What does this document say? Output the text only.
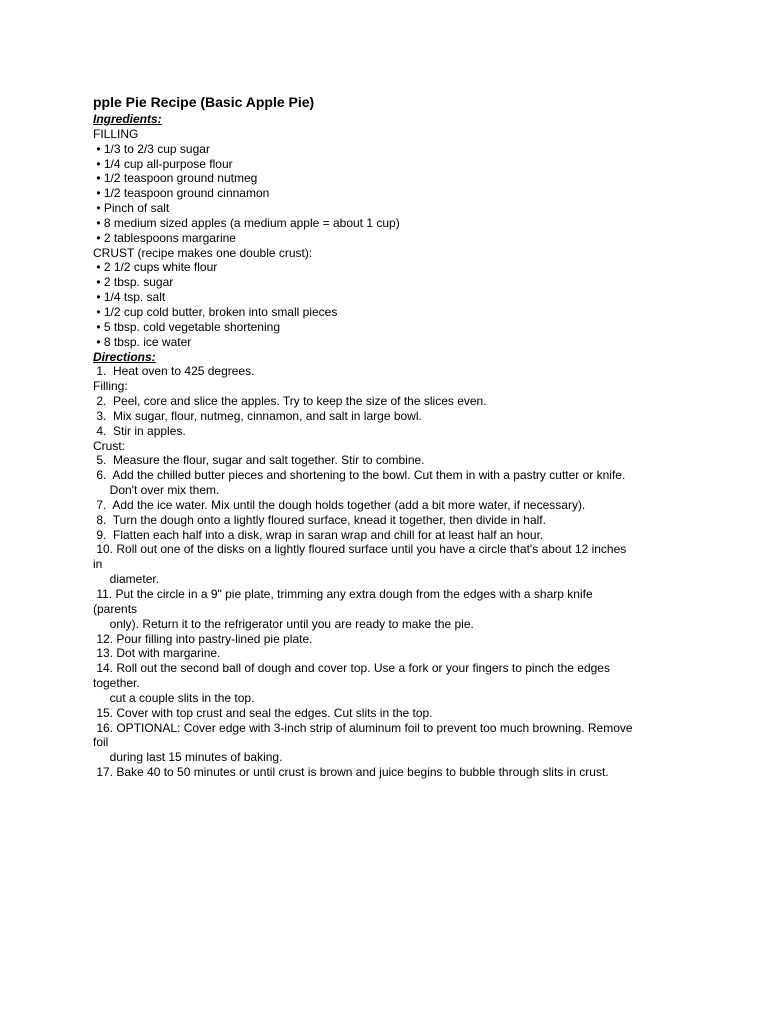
pple Pie Recipe (Basic Apple Pie)
Ingredients:
FILLING
• 1/3 to 2/3 cup sugar
• 1/4 cup all-purpose flour
• 1/2 teaspoon ground nutmeg
• 1/2 teaspoon ground cinnamon
• Pinch of salt
• 8 medium sized apples (a medium apple = about 1 cup)
• 2 tablespoons margarine
CRUST (recipe makes one double crust):
• 2 1/2 cups white flour
• 2 tbsp. sugar
• 1/4 tsp. salt
• 1/2 cup cold butter, broken into small pieces
• 5 tbsp. cold vegetable shortening
• 8 tbsp. ice water
Directions:
1.  Heat oven to 425 degrees.
Filling:
2.  Peel, core and slice the apples. Try to keep the size of the slices even.
3.  Mix sugar, flour, nutmeg, cinnamon, and salt in large bowl.
4.  Stir in apples.
Crust:
5.  Measure the flour, sugar and salt together. Stir to combine.
6.  Add the chilled butter pieces and shortening to the bowl. Cut them in with a pastry cutter or knife.
Don't over mix them.
7.  Add the ice water. Mix until the dough holds together (add a bit more water, if necessary).
8.  Turn the dough onto a lightly floured surface, knead it together, then divide in half.
9.  Flatten each half into a disk, wrap in saran wrap and chill for at least half an hour.
10. Roll out one of the disks on a lightly floured surface until you have a circle that's about 12 inches
in
diameter.
11. Put the circle in a 9" pie plate, trimming any extra dough from the edges with a sharp knife
(parents
only). Return it to the refrigerator until you are ready to make the pie.
12. Pour filling into pastry-lined pie plate.
13. Dot with margarine.
14. Roll out the second ball of dough and cover top. Use a fork or your fingers to pinch the edges
together.
cut a couple slits in the top.
15. Cover with top crust and seal the edges. Cut slits in the top.
16. OPTIONAL: Cover edge with 3-inch strip of aluminum foil to prevent too much browning. Remove
foil
during last 15 minutes of baking.
17. Bake 40 to 50 minutes or until crust is brown and juice begins to bubble through slits in crust.
